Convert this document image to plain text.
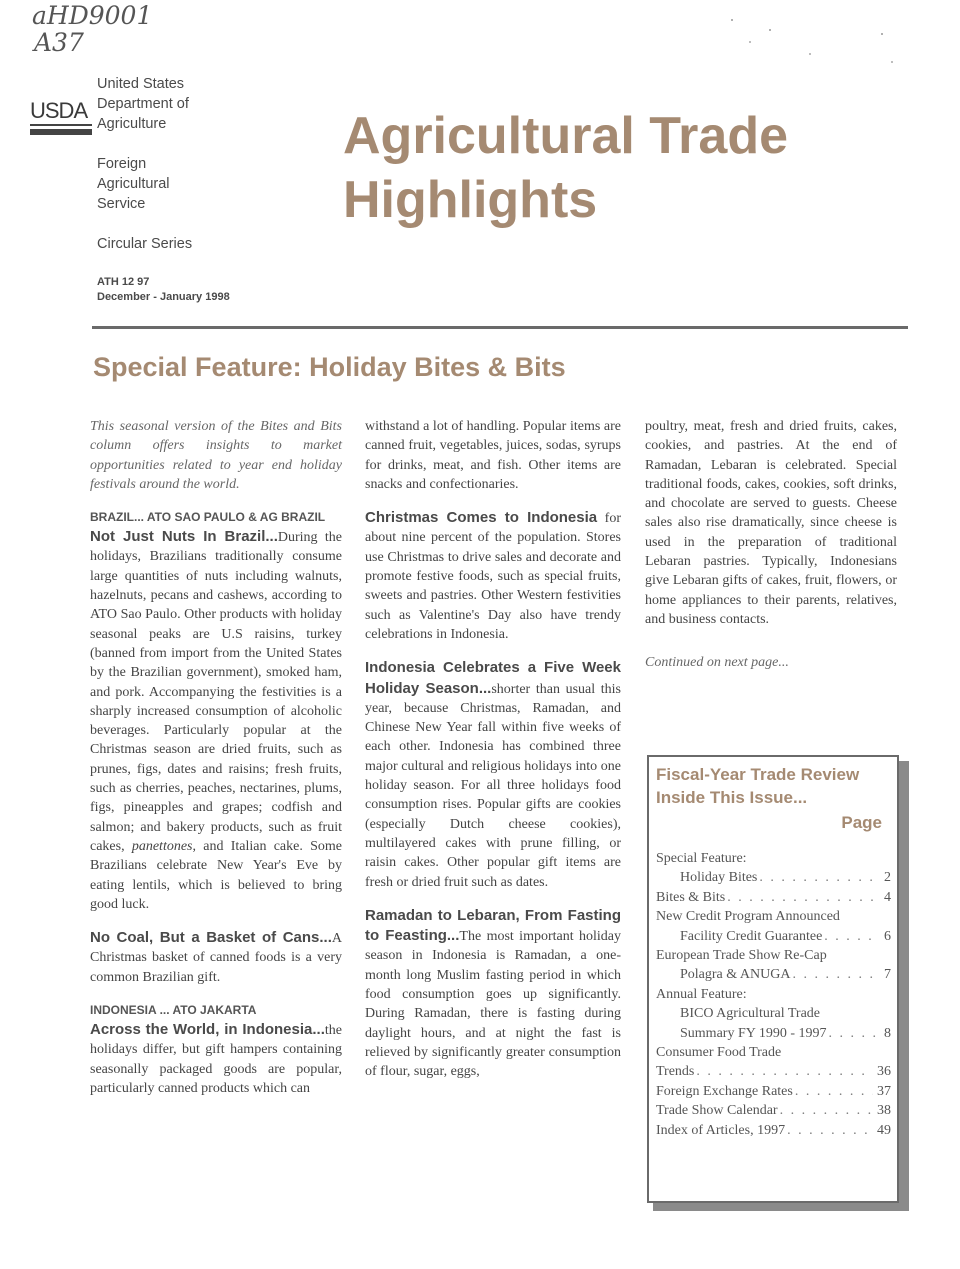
aHD9001
A37
USDA
United States
Department of
Agriculture
Foreign
Agricultural
Service
Circular Series
ATH 12 97
December - January 1998
Agricultural Trade
Highlights
Special Feature: Holiday Bites & Bits

This seasonal version of the Bites and Bits column offers insights to market opportunities related to year end holiday festivals around the world.

BRAZIL... ATO SAO PAULO & AG BRAZIL

Not Just Nuts In Brazil...During the holidays, Brazilians traditionally consume large quantities of nuts including walnuts, hazelnuts, pecans and cashews, according to ATO Sao Paulo. Other products with holiday seasonal peaks are U.S raisins, turkey (banned from import from the United States by the Brazilian government), smoked ham, and pork. Accompanying the festivities is a sharply increased consumption of alcoholic beverages. Particularly popular at the Christmas season are dried fruits, such as prunes, figs, dates and raisins; fresh fruits, such as cherries, peaches, nectarines, plums, figs, pineapples and grapes; codfish and salmon; and bakery products, such as fruit cakes, panettones, and Italian cake. Some Brazilians celebrate New Year's Eve by eating lentils, which is believed to bring good luck.

No Coal, But a Basket of Cans...A Christmas basket of canned foods is a very common Brazilian gift.

INDONESIA ... ATO JAKARTA

Across the World, in Indonesia...the holidays differ, but gift hampers containing seasonally packaged goods are popular, particularly canned products which can

withstand a lot of handling. Popular items are canned fruit, vegetables, juices, sodas, syrups for drinks, meat, and fish. Other items are snacks and confectionaries.

Christmas Comes to Indonesia for about nine percent of the population. Stores use Christmas to drive sales and decorate and promote festive foods, such as special fruits, sweets and pastries. Other Western festivities such as Valentine's Day also have trendy celebrations in Indonesia.

Indonesia Celebrates a Five Week Holiday Season...shorter than usual this year, because Christmas, Ramadan, and Chinese New Year fall within five weeks of each other. Indonesia has combined three major cultural and religious holidays into one holiday season. For all three holidays food consumption rises. Popular gifts are cookies (especially Dutch cheese cookies), multilayered cakes with prune filling, or raisin cakes. Other popular gift items are fresh or dried fruit such as dates.

Ramadan to Lebaran, From Fasting to Feasting...The most important holiday season in Indonesia is Ramadan, a one-month long Muslim fasting period in which food consumption goes up significantly. During Ramadan, there is fasting during daylight hours, and at night the fast is relieved by significantly greater consumption of flour, sugar, eggs,

poultry, meat, fresh and dried fruits, cakes, cookies, and pastries. At the end of Ramadan, Lebaran is celebrated. Special traditional foods, cakes, cookies, soft drinks, and chocolate are served to guests. Cheese sales also rise dramatically, since cheese is used in the preparation of traditional Lebaran pastries. Typically, Indonesians give Lebaran gifts of cakes, fruit, flowers, or home appliances to their parents, relatives, and business contacts.

Continued on next page...

Fiscal-Year Trade Review
Inside This Issue...
Page
Special Feature:
Holiday Bites . . .	2
Bites & Bits . . .	4
New Credit Program Announced
Facility Credit Guarantee . . .	6
European Trade Show Re-Cap
Polagra & ANUGA . . .	7
Annual Feature:
BICO Agricultural Trade
Summary FY 1990 - 1997 . . .	8
Consumer Food Trade
Trends . . .	36
Foreign Exchange Rates . . .	37
Trade Show Calendar . . .	38
Index of Articles, 1997 . . .	49
